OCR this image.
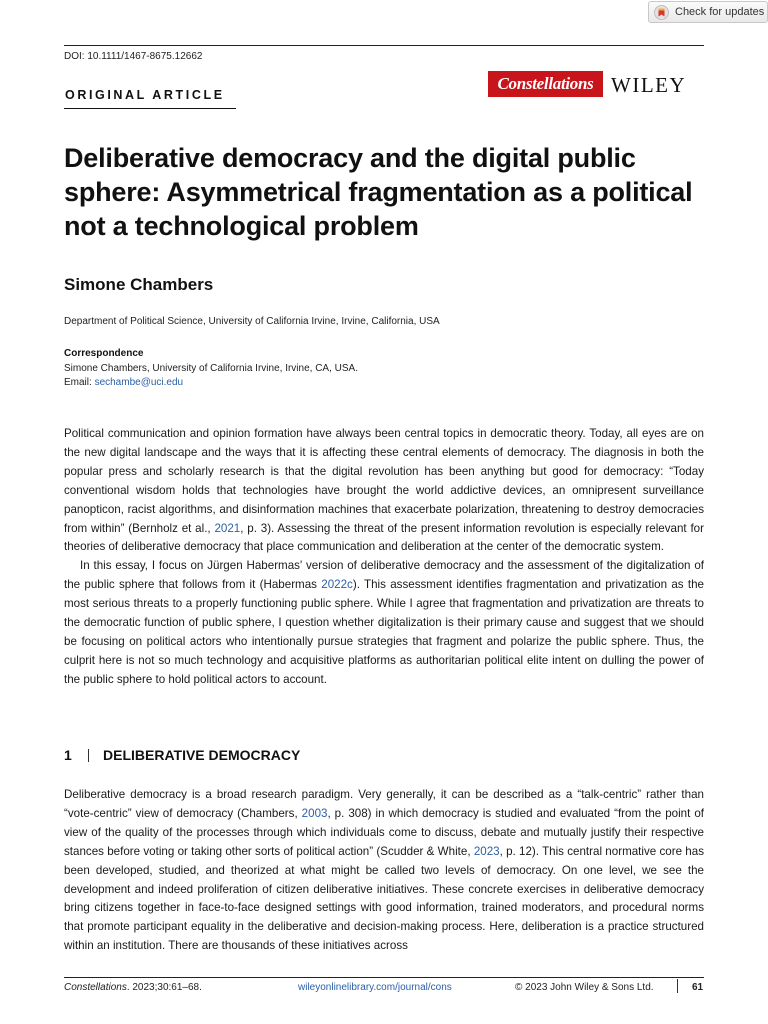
Check for updates
DOI: 10.1111/1467-8675.12662
ORIGINAL ARTICLE
Constellations WILEY
Deliberative democracy and the digital public sphere: Asymmetrical fragmentation as a political not a technological problem
Simone Chambers
Department of Political Science, University of California Irvine, Irvine, California, USA
Correspondence
Simone Chambers, University of California Irvine, Irvine, CA, USA.
Email: sechambe@uci.edu

Political communication and opinion formation have always been central topics in democratic theory. Today, all eyes are on the new digital landscape and the ways that it is affecting these central elements of democracy. The diagnosis in both the popular press and scholarly research is that the digital revolution has been anything but good for democracy: “Today conventional wisdom holds that technologies have brought the world addictive devices, an omnipresent surveillance panopticon, racist algorithms, and disinformation machines that exacerbate polarization, threatening to destroy democracies from within” (Bernholz et al., 2021, p. 3). Assessing the threat of the present information revolution is especially relevant for theories of deliberative democracy that place communication and deliberation at the center of the democratic system.

In this essay, I focus on Jürgen Habermas' version of deliberative democracy and the assessment of the digitalization of the public sphere that follows from it (Habermas 2022c). This assessment identifies fragmentation and privatization as the most serious threats to a properly functioning public sphere. While I agree that fragmentation and privatization are threats to the democratic function of public sphere, I question whether digitalization is their primary cause and suggest that we should be focusing on political actors who intentionally pursue strategies that fragment and polarize the public sphere. Thus, the culprit here is not so much technology and acquisitive platforms as authoritarian political elite intent on dulling the power of the public sphere to hold political actors to account.

1	DELIBERATIVE DEMOCRACY

Deliberative democracy is a broad research paradigm. Very generally, it can be described as a “talk-centric” rather than “vote-centric” view of democracy (Chambers, 2003, p. 308) in which democracy is studied and evaluated “from the point of view of the quality of the processes through which individuals come to discuss, debate and mutually justify their respective stances before voting or taking other sorts of political action” (Scudder & White, 2023, p. 12). This central normative core has been developed, studied, and theorized at what might be called two levels of democracy. On one level, we see the development and indeed proliferation of citizen deliberative initiatives. These concrete exercises in deliberative democracy bring citizens together in face-to-face designed settings with good information, trained moderators, and procedural norms that promote participant equality in the deliberative and decision-making process. Here, deliberation is a practice structured within an institution. There are thousands of these initiatives across

Constellations. 2023;30:61–68.	wileyonlinelibrary.com/journal/cons	© 2023 John Wiley & Sons Ltd.	61
